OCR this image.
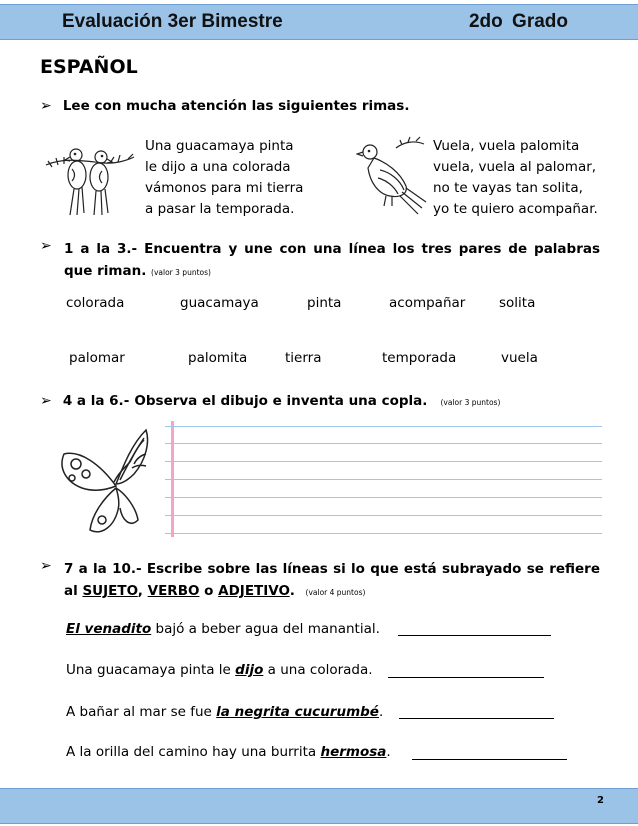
Evaluación 3er Bimestre	2do Grado
ESPAÑOL
➢ Lee con mucha atención las siguientes rimas.
Una guacamaya pinta
le dijo a una colorada
vámonos para mi tierra
a pasar la temporada.
Vuela, vuela palomita
vuela, vuela al palomar,
no te vayas tan solita,
yo te quiero acompañar.
➢ 1 a la 3.- Encuentra y une con una línea los tres pares de palabras que riman. (valor 3 puntos)
colorada	guacamaya	pinta	acompañar solita
palomar	palomita	tierra	temporada	vuela
➢ 4 a la 6.- Observa el dibujo e inventa una copla. (valor 3 puntos)
➢ 7 a la 10.- Escribe sobre las líneas si lo que está subrayado se refiere al SUJETO, VERBO o ADJETIVO. (valor 4 puntos)
El venadito bajó a beber agua del manantial.
Una guacamaya pinta le dijo a una colorada.
A bañar al mar se fue la negrita cucurumbé.
A la orilla del camino hay una burrita hermosa.
2
